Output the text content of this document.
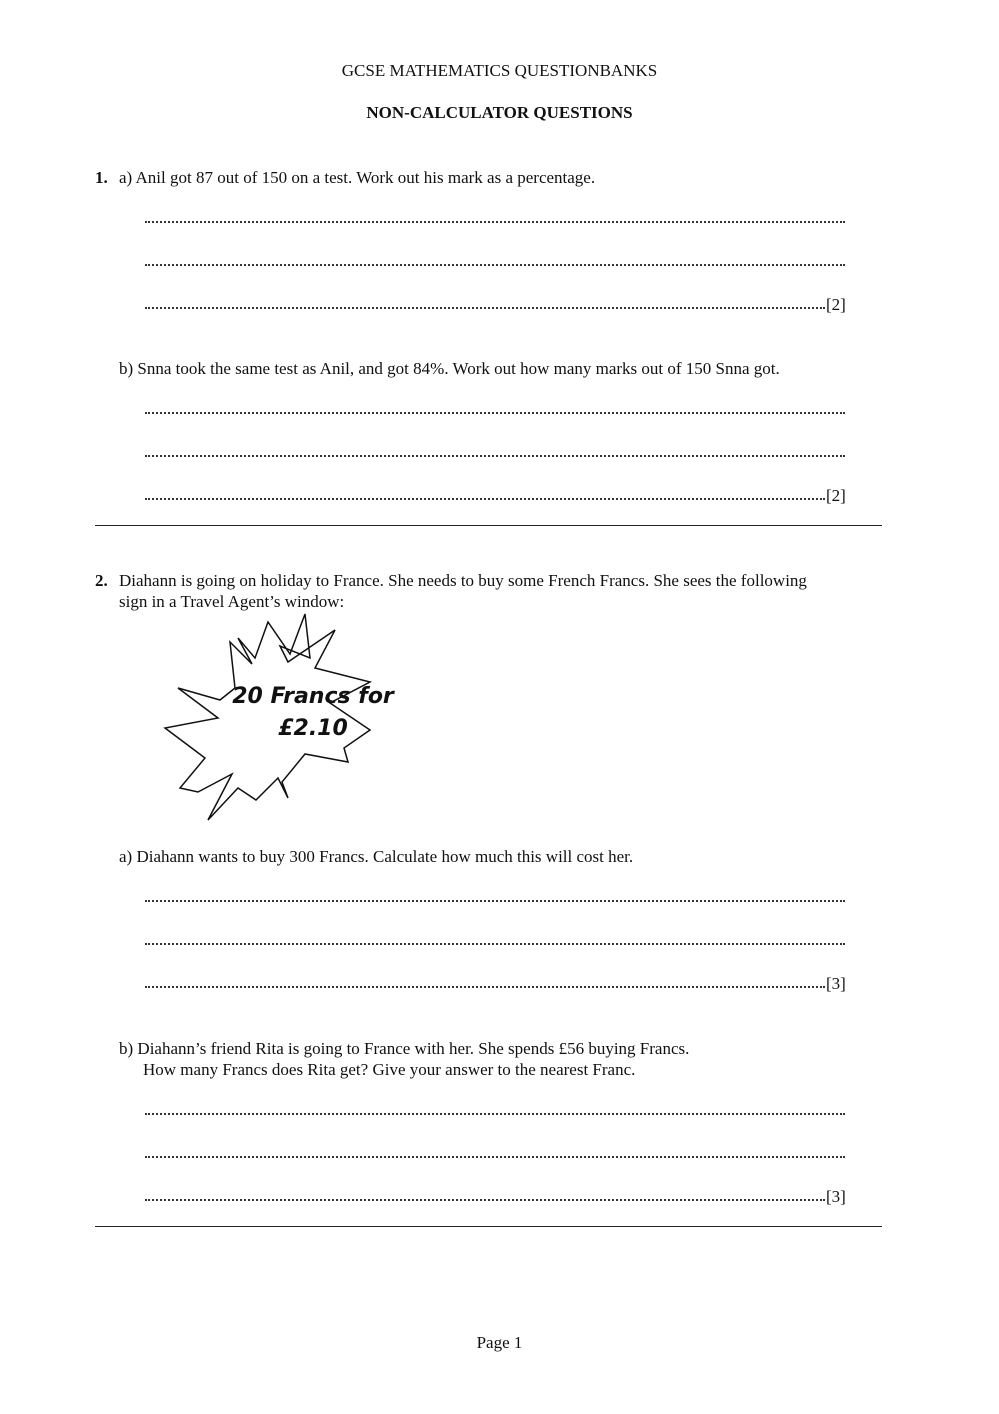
GCSE MATHEMATICS QUESTIONBANKS
NON-CALCULATOR QUESTIONS
1. a) Anil got 87 out of 150 on a test. Work out his mark as a percentage.
[2]
b) Snna took the same test as Anil, and got 84%. Work out how many marks out of 150 Snna got.
[2]
2. Diahann is going on holiday to France. She needs to buy some French Francs. She sees the following
sign in a Travel Agent’s window:
20 Francs for
£2.10
a) Diahann wants to buy 300 Francs. Calculate how much this will cost her.
[3]
b) Diahann’s friend Rita is going to France with her. She spends £56 buying Francs.
How many Francs does Rita get? Give your answer to the nearest Franc.
[3]
Page 1
